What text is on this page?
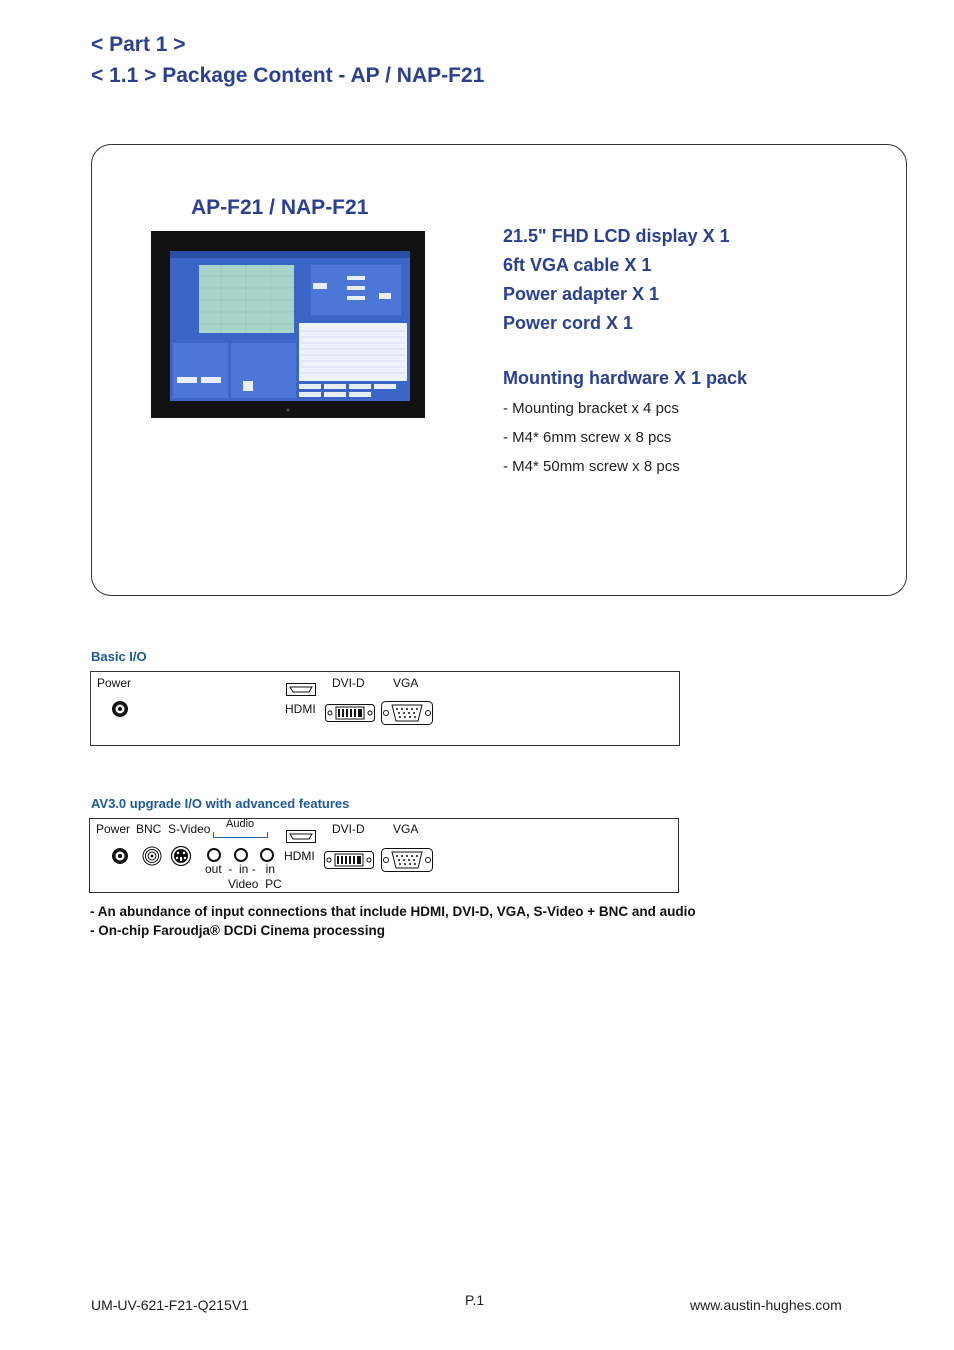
< Part 1 >
< 1.1 > Package Content - AP / NAP-F21
AP-F21 / NAP-F21
21.5" FHD LCD display X 1
6ft VGA cable X 1
Power adapter X 1
Power cord X 1
Mounting hardware X 1 pack
- Mounting bracket x 4 pcs
- M4* 6mm screw x 8 pcs
- M4* 50mm screw x 8 pcs
Basic I/O
Power
HDMI
DVI-D VGA
AV3.0 upgrade I/O with advanced features
Power BNC S-Video Audio
out  -  in -   in
Video  PC
HDMI
DVI-D VGA
- An abundance of input connections that include HDMI, DVI-D, VGA, S-Video + BNC and audio
- On-chip Faroudja® DCDi Cinema processing
UM-UV-621-F21-Q215V1	P.1	www.austin-hughes.com
